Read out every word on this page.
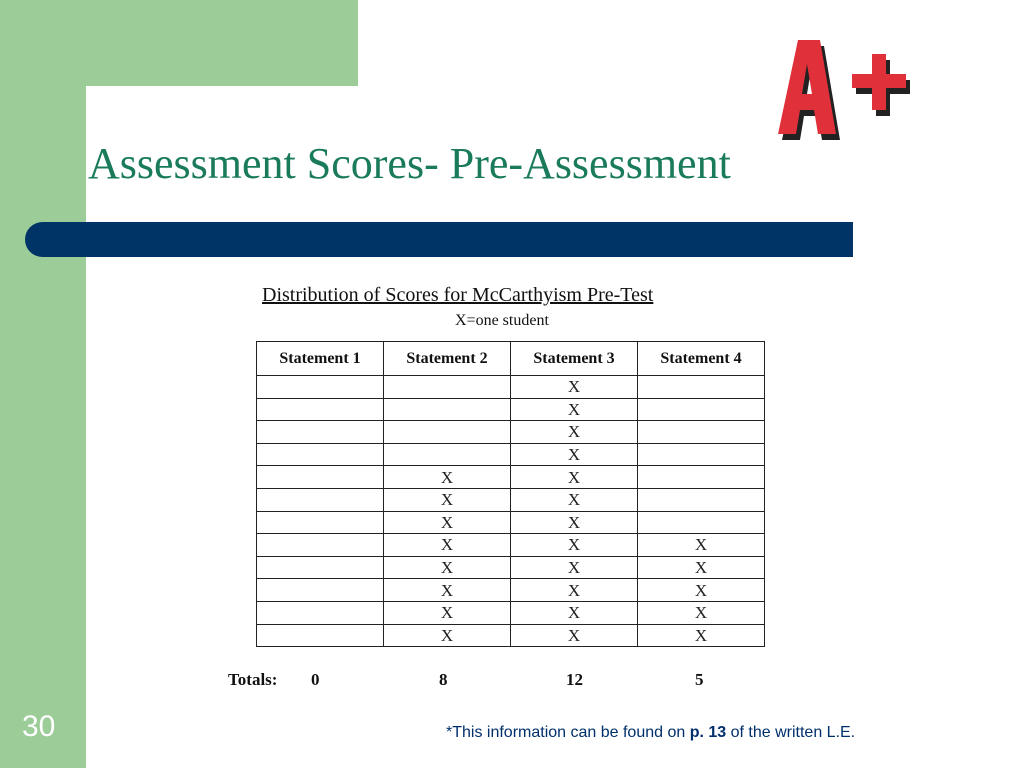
Assessment Scores- Pre-Assessment
Distribution of Scores for McCarthyism Pre-Test
X=one student
Statement 1	Statement 2	Statement 3	Statement 4
		X	
		X	
		X	
		X	
	X	X	
	X	X	
	X	X	
	X	X	X
	X	X	X
	X	X	X
	X	X	X
	X	X	X
Totals: 0	8	12	5
30	*This information can be found on p. 13 of the written L.E.
